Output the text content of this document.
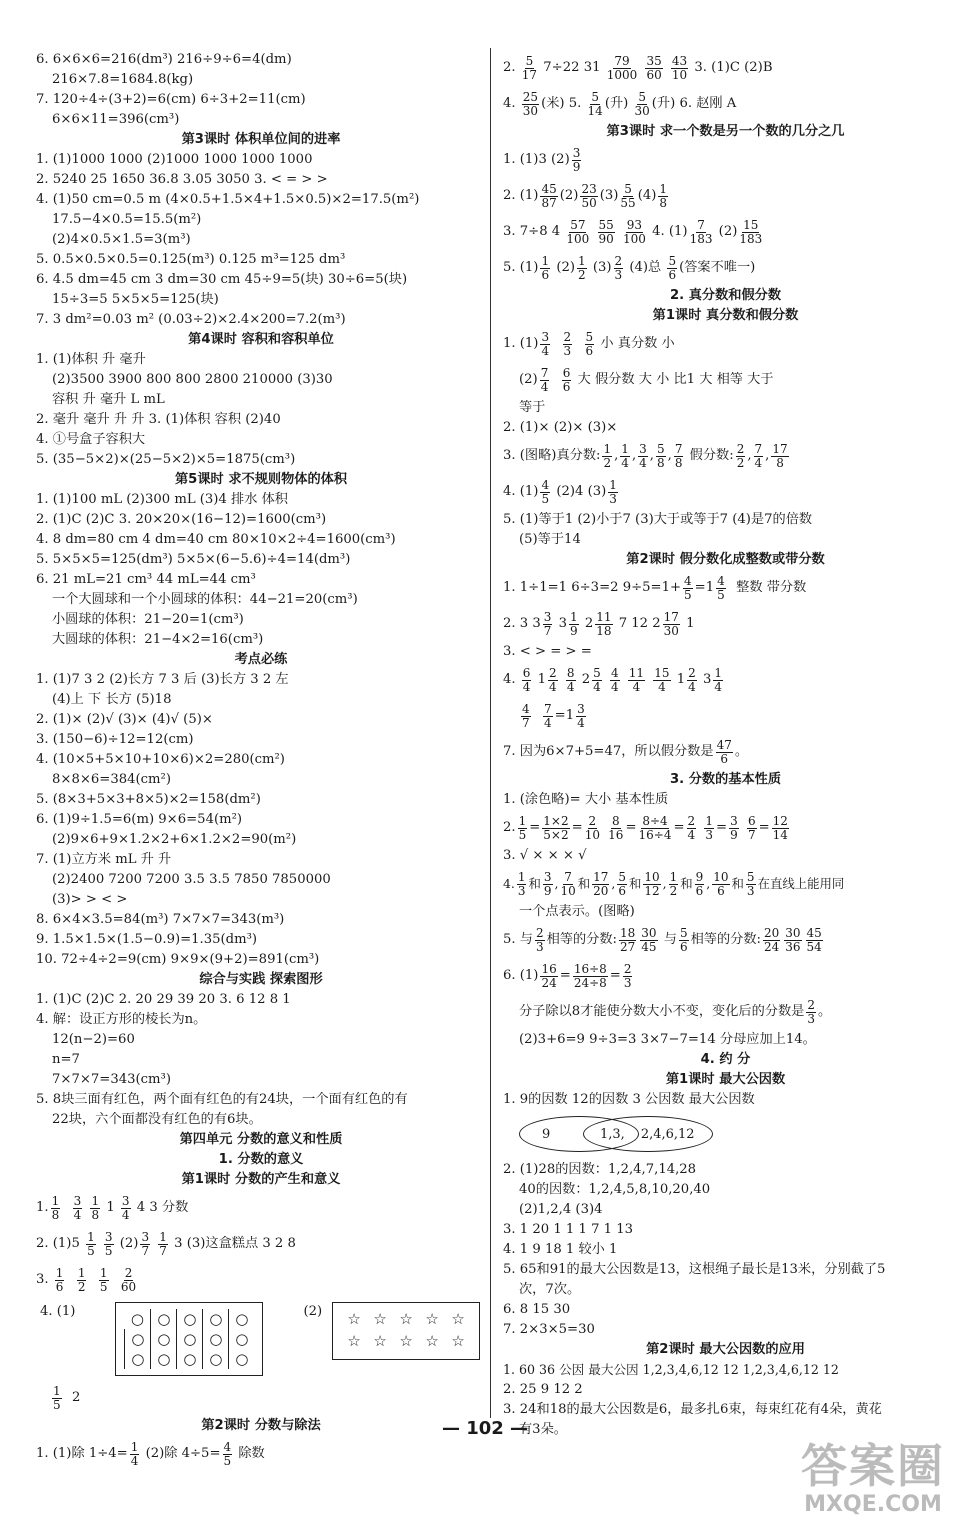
6. 6×6×6=216(dm³) 216÷9÷6=4(dm)
216×7.8=1684.8(kg)
7. 120÷4÷(3+2)=6(cm) 6÷3+2=11(cm)
6×6×11=396(cm³)
第3课时 体积单位间的进率
1. (1)1000 1000 (2)1000 1000 1000 1000
2. 5240 25 1650 36.8 3.05 3050 3. < = > >
4. (1)50 cm=0.5 m (4×0.5+1.5×4+1.5×0.5)×2=17.5(m²)
17.5−4×0.5=15.5(m²)
(2)4×0.5×1.5=3(m³)
5. 0.5×0.5×0.5=0.125(m³) 0.125 m³=125 dm³
6. 4.5 dm=45 cm 3 dm=30 cm 45÷9=5(块) 30÷6=5(块)
15÷3=5 5×5×5=125(块)
7. 3 dm²=0.03 m² (0.03÷2)×2.4×200=7.2(m³)
第4课时 容积和容积单位
1. (1)体积 升 毫升
(2)3500 3900 800 800 2800 210000 (3)30
容积 升 毫升 L mL
2. 毫升 毫升 升 升 3. (1)体积 容积 (2)40
4. ①号盒子容积大
5. (35−5×2)×(25−5×2)×5=1875(cm³)
第5课时 求不规则物体的体积
1. (1)100 mL (2)300 mL (3)4 排水 体积
2. (1)C (2)C 3. 20×20×(16−12)=1600(cm³)
4. 8 dm=80 cm 4 dm=40 cm 80×10×2÷4=1600(cm³)
5. 5×5×5=125(dm³) 5×5×(6−5.6)÷4=14(dm³)
6. 21 mL=21 cm³ 44 mL=44 cm³
一个大圆球和一个小圆球的体积：44−21=20(cm³)
小圆球的体积：21−20=1(cm³)
大圆球的体积：21−4×2=16(cm³)
考点必练
1. (1)7 3 2 (2)长方 7 3 后 (3)长方 3 2 左
(4)上 下 长方 (5)18
2. (1)× (2)√ (3)× (4)√ (5)×
3. (150−6)÷12=12(cm)
4. (10×5+5×10+10×6)×2=280(cm²)
8×8×6=384(cm²)
5. (8×3+5×3+8×5)×2=158(dm²)
6. (1)9÷1.5=6(m) 9×6=54(m²)
(2)9×6+9×1.2×2+6×1.2×2=90(m²)
7. (1)立方米 mL 升 升
(2)2400 7200 7200 3.5 3.5 7850 7850000
(3)> > < >
8. 6×4×3.5=84(m³) 7×7×7=343(m³)
9. 1.5×1.5×(1.5−0.9)=1.35(dm³)
10. 72÷4÷2=9(cm) 9×9×(9+2)=891(cm³)
综合与实践 探索图形
1. (1)C (2)C 2. 20 29 39 20 3. 6 12 8 1
4. 解：设正方形的棱长为n。
12(n−2)=60
n=7
7×7×7=343(cm³)
5. 8块三面有红色，两个面有红色的有24块，一个面有红色的有
22块，六个面都没有红色的有6块。
第四单元 分数的意义和性质
1. 分数的意义
第1课时 分数的产生和意义
1. 1
8

3
4

1
8
1
3
4
4 3 分数
2. (1)5
1
5

3
5
(2) 3
7

1
7
3 (3)这盒糕点 3 2 8
3.
1
6

1
2

1
5

2
60
4. (1)	○ ○ ○ ○ ○
○ ○ ○ ○ ○
○ ○ ○ ○ ○
(2)	☆ ☆ ☆ ☆ ☆
☆ ☆ ☆ ☆ ☆
1
5
2
第2课时 分数与除法
1. (1)除 $1\div 4= \frac{1}{4}$
(2)除 $4\div 5= \frac{4}{5}$
除数
2.
5
17
7÷22 31
79
1000

35
60

43
10
3. (1)C (2)B
4.
25
30 (米) 5.
5
14 (升)
5
30 (升) 6. 赵刚 A
第3课时 求一个数是另一个数的几分之几
1. (1)3 (2) 3
9
2. (1) 45
87 (2) 23
50 (3) 5
55 (4) 1
8
3. 7÷8 4
57
100

55
90

93
100
4. (1) 7
183
(2) 15
183
5. (1) 1
6
(2) 1
2
(3) 2
3
(4)总
5
6 (答案不唯一)
2. 真分数和假分数
第1课时 真分数和假分数
1. (1) 3
4

2
3

5
6
小 真分数 小
(2) 7
4

6
6
大 假分数 大 小 比1 大 相等 大于
等于
2. (1)× (2)× (3)×
3. (图略)真分数: 1
2 , 1
4 , 3
4 , 5
8 , 7
8
假分数: 2
2 , 7
4 , 17
8
4. (1) 4
5
(2)4 (3) 1
3
5. (1)等于1 (2)小于7 (3)大于或等于7 (4)是7的倍数
(5)等于14
第2课时 假分数化成整数或带分数
1. 1÷1=1 6÷3=2 $9\div 5=1+ \frac{4}{5} =1$ 4
5
整数 带分数
2. 3 3 3
7
3 1
9
2 11
18
7 12 2 17
30
1
3. < > = > =
4.
6
4
1 2
4

8
4
2 5
4

4
4

11
4

15
4
1 2
4
3 1
4
4
7
$\frac{7}{4} =1$ 3
4
7. 因为6×7+5=47，所以假分数是 47
6 。
3. 分数的基本性质
1. (涂色略)= 大小 基本性质
2. $\frac{1}{5} = \frac{1\times 2}{5\times 2} = \frac{2}{10}$
$\frac{8}{16} = \frac{8\div 4}{16\div 4} = \frac{2}{4}$
$\frac{1}{3} = \frac{3}{9}$
$\frac{6}{7} = \frac{12}{14}$
3. √ × × × √
4. 1
3 和 3
9 , 7
10 和 17
20 , 5
6 和 10
12 , 1
2 和 9
6 , 10
6 和 5
3 在直线上能用同
一个点表示。(图略)
5. 与 2
3 相等的分数: 18
27
30
45
与 5
6 相等的分数: 20
24
30
36
45
54
6. $(1) \frac{16}{24} = \frac{16\div 8}{24\div 8} = \frac{2}{3}$
分子除以8才能使分数大小不变，变化后的分数是 2
3 。
(2)3+6=9 9÷3=3 3×7−7=14 分母应加上14。
4. 约 分
第1课时 最大公因数
1. 9的因数 12的因数 3 公因数 最大公因数
9	1,3, 2,4,6,12
2. (1)28的因数：1,2,4,7,14,28
40的因数：1,2,4,5,8,10,20,40
(2)1,2,4 (3)4
3. 1 20 1 1 1 7 1 13
4. 1 9 18 1 较小 1
5. 65和91的最大公因数是13，这根绳子最长是13米，分别截了5
次，7次。
6. 8 15 30
7. 2×3×5=30
第2课时 最大公因数的应用
1. 60 36 公因 最大公因 1,2,3,4,6,12 12 1,2,3,4,6,12 12
2. 25 9 12 2
3. 24和18的最大公因数是6，最多扎6束，每束红花有4朵，黄花
有3朵。
— 102 —
答案圈
MXQE.COM
